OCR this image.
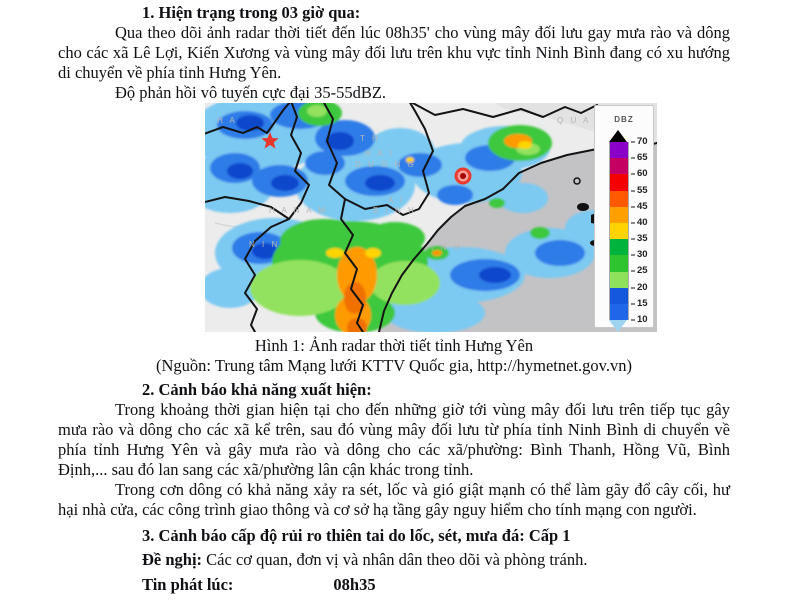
1. Hiện trạng trong 03 giờ qua:

Qua theo dõi ảnh radar thời tiết đến lúc 08h35' cho vùng mây đối lưu gay mưa rào và dông cho các xã Lê Lợi, Kiến Xương và vùng mây đối lưu trên khu vực tỉnh Ninh Bình đang có xu hướng di chuyển về phía tỉnh Hưng Yên.

Độ phản hồi vô tuyến cực đại 35-55dBZ.

H A
T H
H A I
D U O N G
Q U A
H A N A M
A I
B I N H
N I N	I N H
DBZ
70
65
60
55
45
40
35
30
25
20
15
10

Hình 1: Ảnh radar thời tiết tỉnh Hưng Yên

(Nguồn: Trung tâm Mạng lưới KTTV Quốc gia, http://hymetnet.gov.vn)

2. Cảnh báo khả năng xuất hiện:

Trong khoảng thời gian hiện tại cho đến những giờ tới vùng mây đối lưu trên tiếp tục gây mưa rào và dông cho các xã kể trên, sau đó vùng mây đối lưu từ phía tỉnh Ninh Bình di chuyển về phía tỉnh Hưng Yên và gây mưa rào và dông cho các xã/phường: Bình Thanh, Hồng Vũ, Bình Định,... sau đó lan sang các xã/phường lân cận khác trong tỉnh.

Trong cơn dông có khả năng xảy ra sét, lốc và gió giật mạnh có thể làm gãy đổ cây cối, hư hại nhà cửa, các công trình giao thông và cơ sở hạ tầng gây nguy hiểm cho tính mạng con người.

3. Cảnh báo cấp độ rủi ro thiên tai do lốc, sét, mưa đá: Cấp 1

Đề nghị: Các cơ quan, đơn vị và nhân dân theo dõi và phòng tránh.

Tin phát lúc:	08h35
